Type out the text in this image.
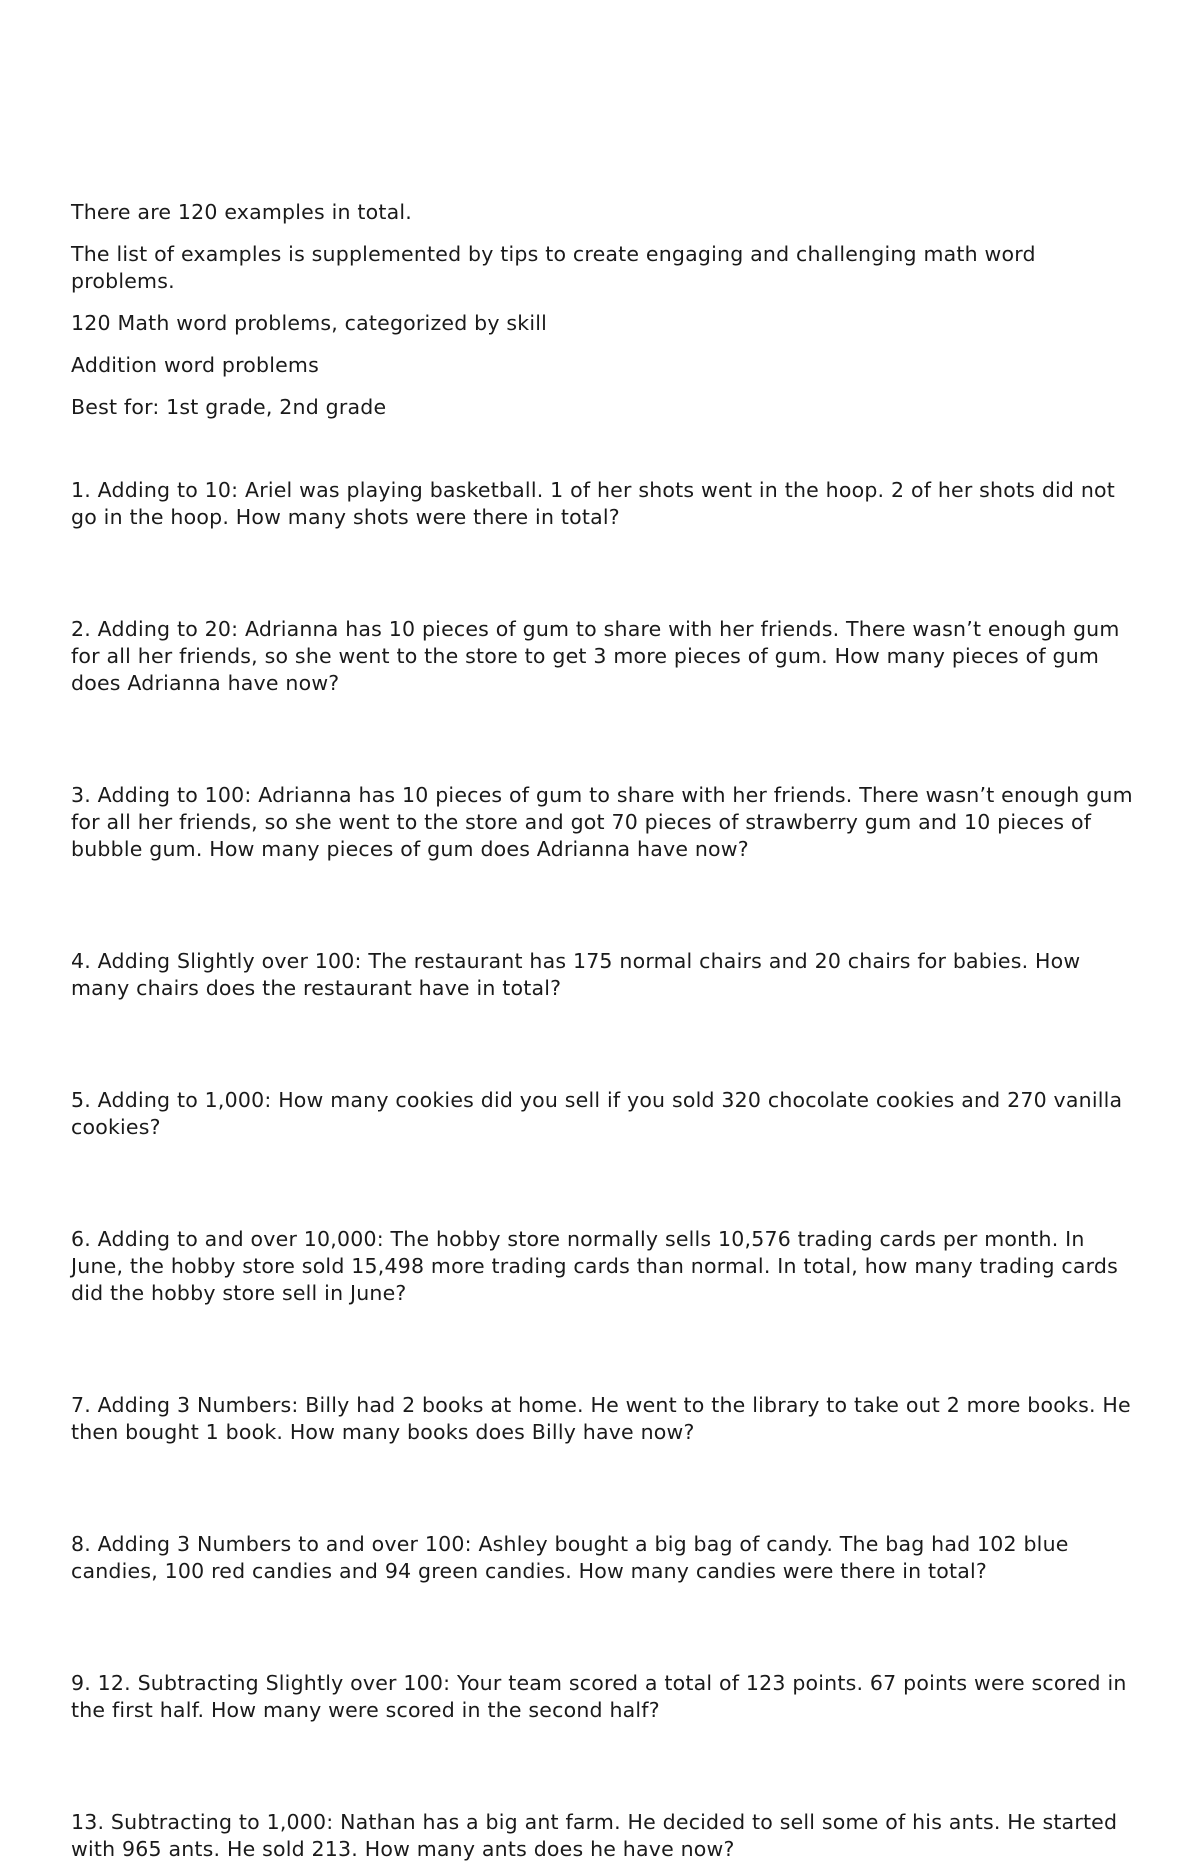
There are 120 examples in total.

The list of examples is supplemented by tips to create engaging and challenging math word problems.

120 Math word problems, categorized by skill

Addition word problems

Best for: 1st grade, 2nd grade

1. Adding to 10: Ariel was playing basketball. 1 of her shots went in the hoop. 2 of her shots did not go in the hoop. How many shots were there in total?

2. Adding to 20: Adrianna has 10 pieces of gum to share with her friends. There wasn’t enough gum for all her friends, so she went to the store to get 3 more pieces of gum. How many pieces of gum does Adrianna have now?

3. Adding to 100: Adrianna has 10 pieces of gum to share with her friends. There wasn’t enough gum for all her friends, so she went to the store and got 70 pieces of strawberry gum and 10 pieces of bubble gum. How many pieces of gum does Adrianna have now?

4. Adding Slightly over 100: The restaurant has 175 normal chairs and 20 chairs for babies. How many chairs does the restaurant have in total?

5. Adding to 1,000: How many cookies did you sell if you sold 320 chocolate cookies and 270 vanilla cookies?

6. Adding to and over 10,000: The hobby store normally sells 10,576 trading cards per month. In June, the hobby store sold 15,498 more trading cards than normal. In total, how many trading cards did the hobby store sell in June?

7. Adding 3 Numbers: Billy had 2 books at home. He went to the library to take out 2 more books. He then bought 1 book. How many books does Billy have now?

8. Adding 3 Numbers to and over 100: Ashley bought a big bag of candy. The bag had 102 blue candies, 100 red candies and 94 green candies. How many candies were there in total?

9. 12. Subtracting Slightly over 100: Your team scored a total of 123 points. 67 points were scored in the first half. How many were scored in the second half?

13. Subtracting to 1,000: Nathan has a big ant farm. He decided to sell some of his ants. He started with 965 ants. He sold 213. How many ants does he have now?
